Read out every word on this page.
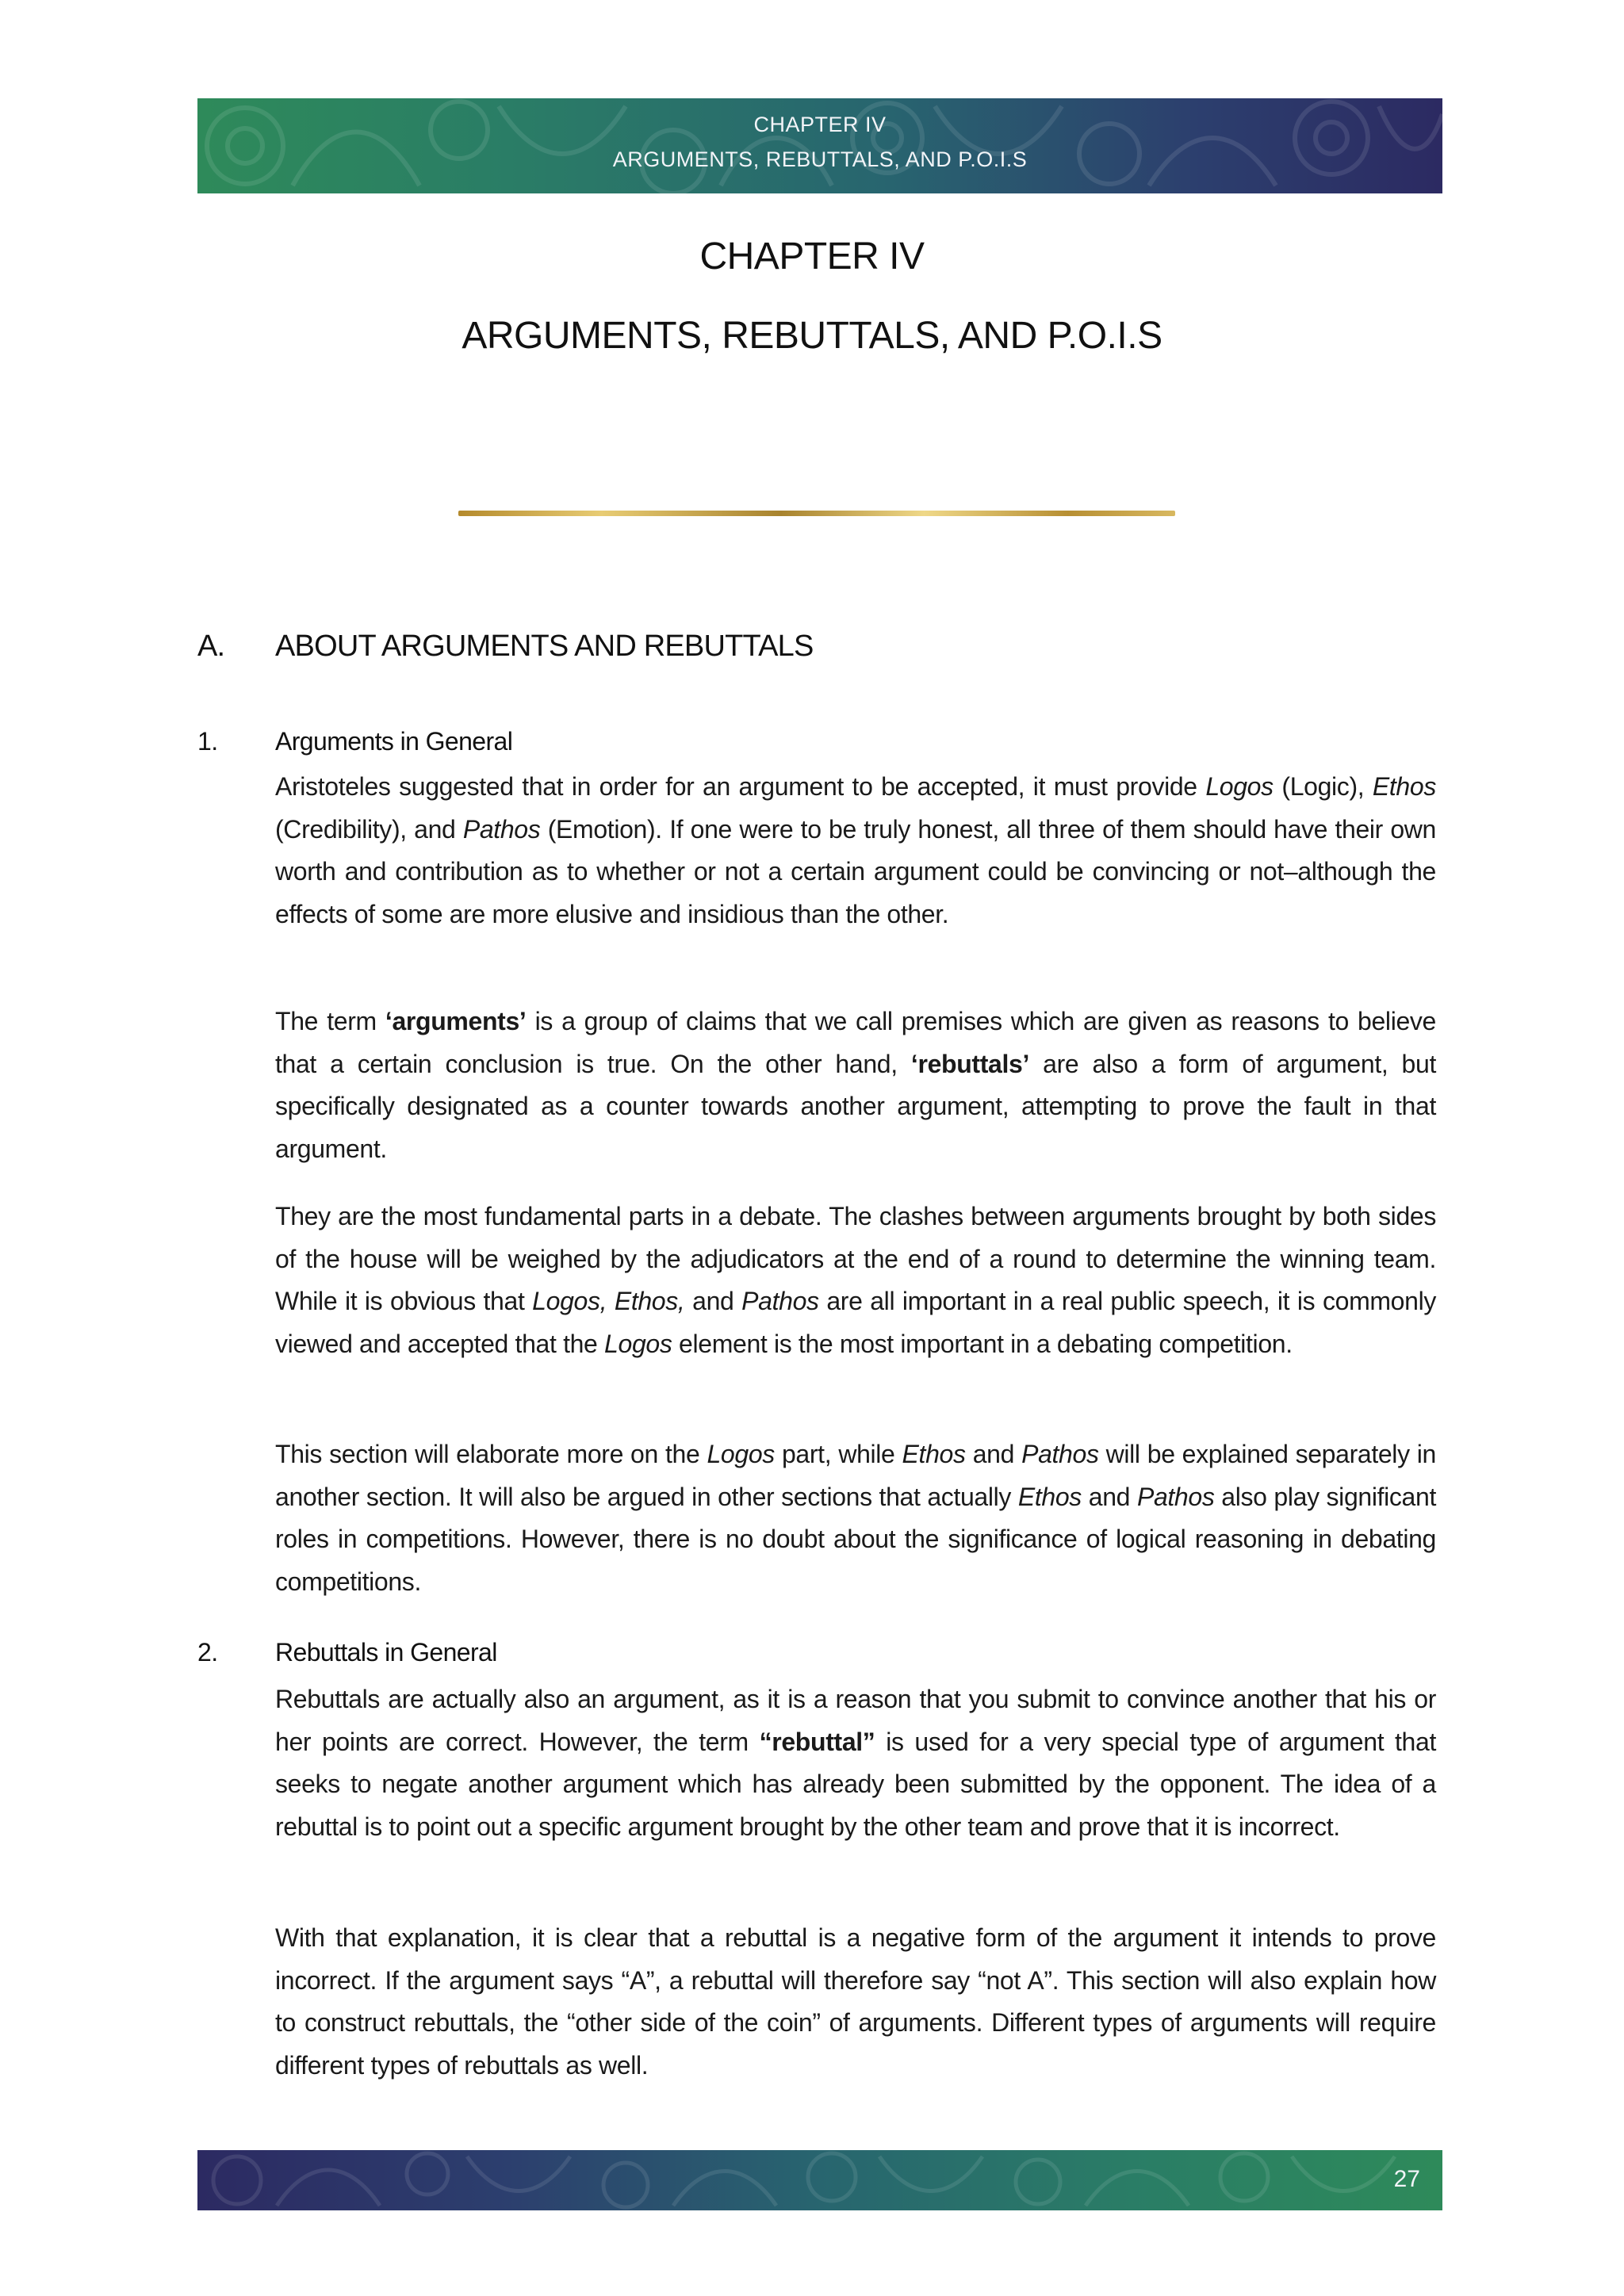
CHAPTER IV
ARGUMENTS, REBUTTALS, AND P.O.I.S
CHAPTER IV
ARGUMENTS, REBUTTALS, AND P.O.I.S
A. ABOUT ARGUMENTS AND REBUTTALS
1. Arguments in General

Aristoteles suggested that in order for an argument to be accepted, it must provide Logos (Logic), Ethos (Credibility), and Pathos (Emotion). If one were to be truly honest, all three of them should have their own worth and contribution as to whether or not a certain argument could be convincing or not–although the effects of some are more elusive and insidious than the other.

The term ‘arguments’ is a group of claims that we call premises which are given as reasons to believe that a certain conclusion is true. On the other hand, ‘rebuttals’ are also a form of argument, but specifically designated as a counter towards another argument, attempting to prove the fault in that argument.

They are the most fundamental parts in a debate. The clashes between arguments brought by both sides of the house will be weighed by the adjudicators at the end of a round to determine the winning team. While it is obvious that Logos, Ethos, and Pathos are all important in a real public speech, it is commonly viewed and accepted that the Logos element is the most important in a debating competition.

This section will elaborate more on the Logos part, while Ethos and Pathos will be explained separately in another section. It will also be argued in other sections that actually Ethos and Pathos also play significant roles in competitions. However, there is no doubt about the significance of logical reasoning in debating competitions.

2. Rebuttals in General

Rebuttals are actually also an argument, as it is a reason that you submit to convince another that his or her points are correct. However, the term “rebuttal” is used for a very special type of argument that seeks to negate another argument which has already been submitted by the opponent. The idea of a rebuttal is to point out a specific argument brought by the other team and prove that it is incorrect.

With that explanation, it is clear that a rebuttal is a negative form of the argument it intends to prove incorrect. If the argument says “A”, a rebuttal will therefore say “not A”. This section will also explain how to construct rebuttals, the “other side of the coin” of arguments. Different types of arguments will require different types of rebuttals as well.

27
